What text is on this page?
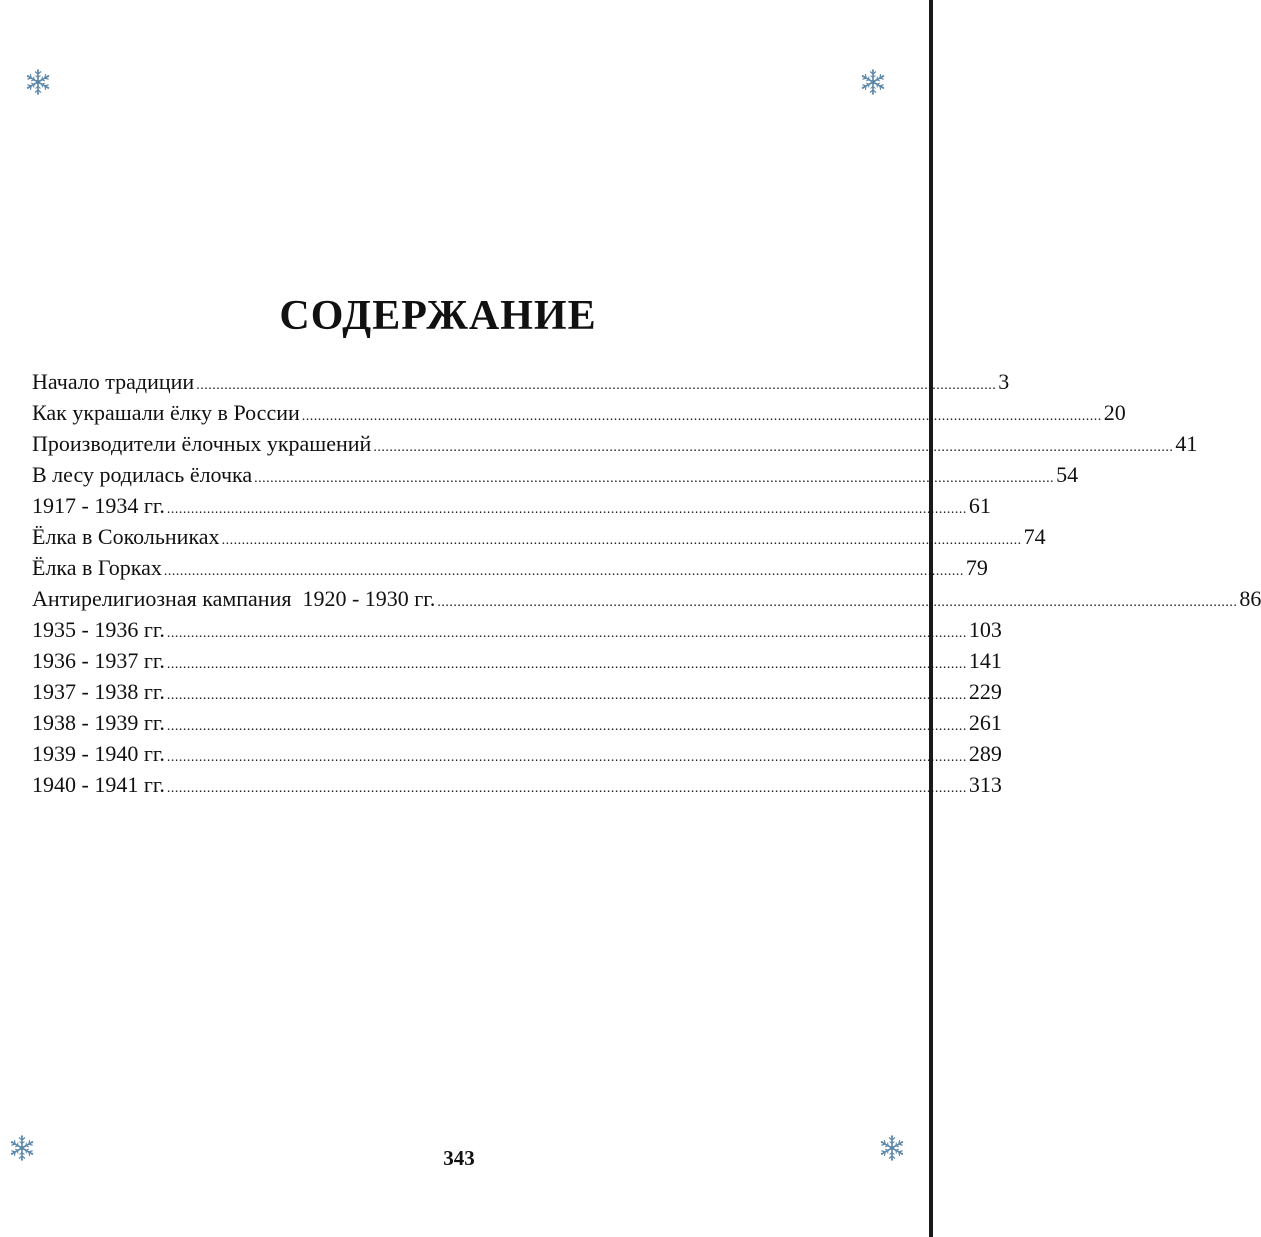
СОДЕРЖАНИЕ
Начало традиции ........................................................................................................................................................................................................ 3
Как украшали ёлку в России ........................................................................................................................................................................................................ 20
Производители ёлочных украшений ........................................................................................................................................................................................................ 41
В лесу родилась ёлочка ........................................................................................................................................................................................................ 54
1917 - 1934 гг. ........................................................................................................................................................................................................ 61
Ёлка в Сокольниках ........................................................................................................................................................................................................ 74
Ёлка в Горках ........................................................................................................................................................................................................ 79
Антирелигиозная кампания  1920 - 1930 гг. ........................................................................................................................................................................................................ 86
1935 - 1936 гг. ........................................................................................................................................................................................................ 103
1936 - 1937 гг. ........................................................................................................................................................................................................ 141
1937 - 1938 гг. ........................................................................................................................................................................................................ 229
1938 - 1939 гг. ........................................................................................................................................................................................................ 261
1939 - 1940 гг. ........................................................................................................................................................................................................ 289
1940 - 1941 гг. ........................................................................................................................................................................................................ 313
343
